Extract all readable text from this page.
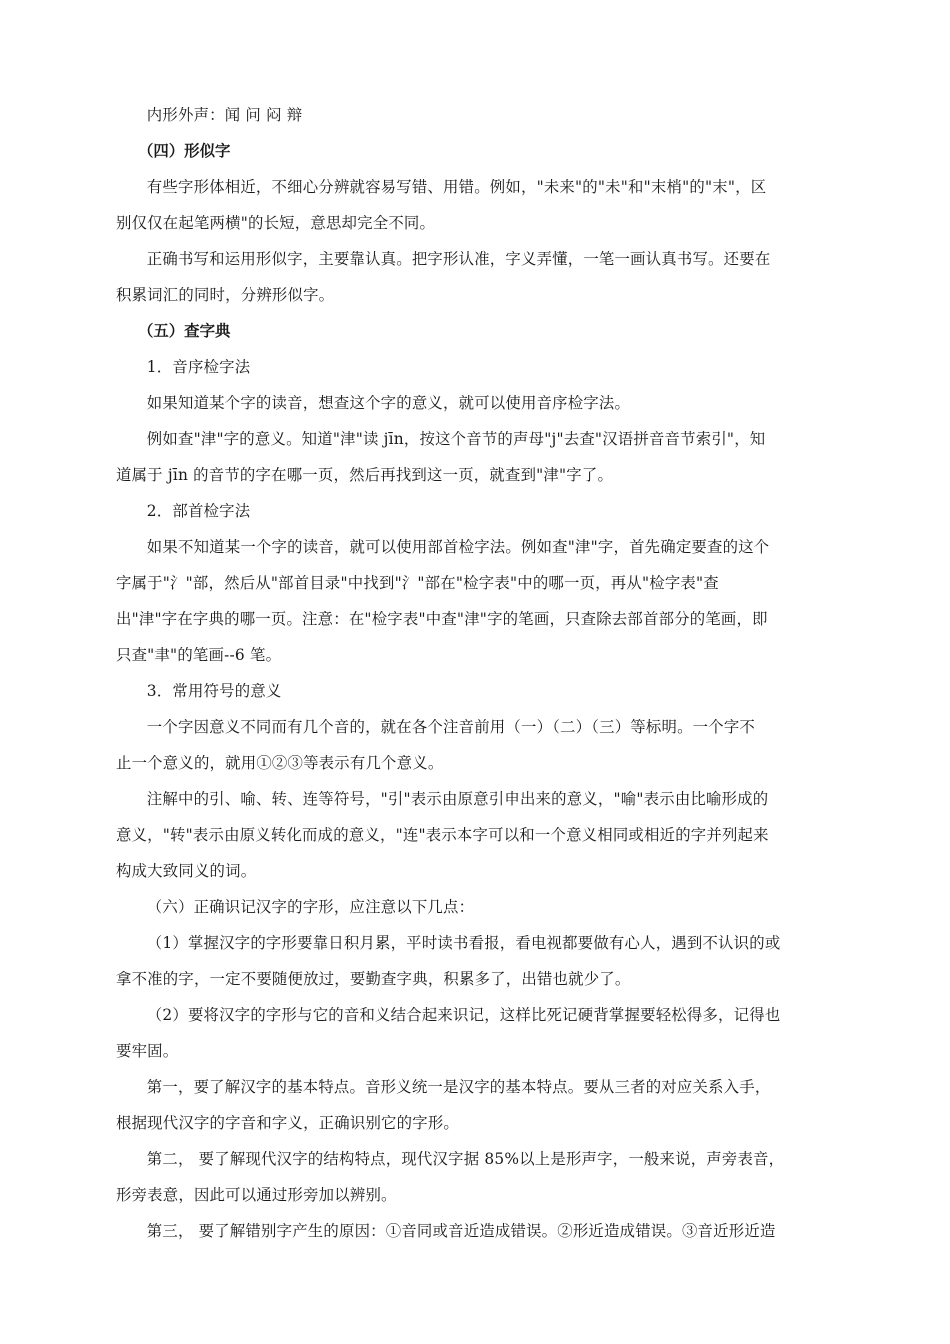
内形外声：闻 问 闷 辩
（四）形似字
有些字形体相近，不细心分辨就容易写错、用错。例如，"未来"的"未"和"末梢"的"末"，区
别仅仅在起笔两横"的长短，意思却完全不同。
正确书写和运用形似字，主要靠认真。把字形认准，字义弄懂，一笔一画认真书写。还要在
积累词汇的同时，分辨形似字。
（五）查字典
1．音序检字法
如果知道某个字的读音，想查这个字的意义，就可以使用音序检字法。
例如查"津"字的意义。知道"津"读 jīn，按这个音节的声母"j"去查"汉语拼音音节索引"，知
道属于 jīn 的音节的字在哪一页，然后再找到这一页，就查到"津"字了。
2．部首检字法
如果不知道某一个字的读音，就可以使用部首检字法。例如查"津"字，首先确定要查的这个
字属于"氵"部，然后从"部首目录"中找到"氵"部在"检字表"中的哪一页，再从"检字表"查
出"津"字在字典的哪一页。注意：在"检字表"中查"津"字的笔画，只查除去部首部分的笔画，即
只查"聿"的笔画--6 笔。
3．常用符号的意义
一个字因意义不同而有几个音的，就在各个注音前用（一）（二）（三）等标明。一个字不
止一个意义的，就用①②③等表示有几个意义。
注解中的引、喻、转、连等符号，"引"表示由原意引申出来的意义，"喻"表示由比喻形成的
意义，"转"表示由原义转化而成的意义，"连"表示本字可以和一个意义相同或相近的字并列起来
构成大致同义的词。
（六）正确识记汉字的字形，应注意以下几点：
（1）掌握汉字的字形要靠日积月累，平时读书看报，看电视都要做有心人，遇到不认识的或
拿不准的字，一定不要随便放过，要勤查字典，积累多了，出错也就少了。
（2）要将汉字的字形与它的音和义结合起来识记，这样比死记硬背掌握要轻松得多，记得也
要牢固。
第一，要了解汉字的基本特点。音形义统一是汉字的基本特点。要从三者的对应关系入手，
根据现代汉字的字音和字义，正确识别它的字形。
第二， 要了解现代汉字的结构特点，现代汉字据 85%以上是形声字，一般来说，声旁表音，
形旁表意，因此可以通过形旁加以辨别。
第三， 要了解错别字产生的原因：①音同或音近造成错误。②形近造成错误。③音近形近造
